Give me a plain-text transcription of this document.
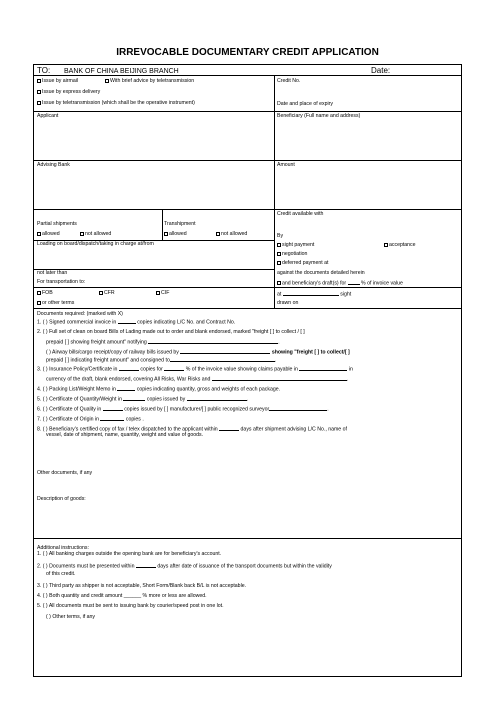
IRREVOCABLE DOCUMENTARY CREDIT APPLICATION
TO: BANK OF CHINA BEIJING BRANCH	Date:
Issue by airmail	With brief advice by teletransmission
Issue by express delivery
Issue by teletransmission (which shall be the operative instrument)
Credit No.
Date and place of expiry
Applicant	Beneficiary (Full name and address)
Advising Bank	Amount
Partial shipments
allowed	not allowed
Transhipment
allowed	not allowed
Credit available with
By
sight payment	acceptance
negotiation
deferred payment at
against the documents detailed herein
and beneficiary's draft(s) for	% of invoice value
at	sight
drawn on
Loading on board/dispatch/taking in charge at/from
not later than
For transportation to:
FOB	CFR	CIF
or other terms
Documents required: (marked with X)
1. ( ) Signed commercial invoice in	copies indicating L/C No. and Contract No.
2. ( ) Full set of clean on board Bills of Lading made out to order and blank endorsed, marked "freight [ ] to collect / [ ]
prepaid [ ] showing freight amount" notifying	.
( ) Airway bills/cargo receipt/copy of railway bills issued by	showing "freight [ ] to collect/[ ]
prepaid [ ] indicating freight amount" and consigned to	.
3. ( ) Insurance Policy/Certificate in	copies for	% of the invoice value showing claims payable in	in
currency of the draft, blank endorsed, covering All Risks, War Risks and	.
4. ( ) Packing List/Weight Memo in	copies indicating quantity, gross and weights of each package.
5. ( ) Certificate of Quantity/Weight in	copies issued by	.
6. ( ) Certificate of Quality in	copies issued by [ ] manufacturer/[ ] public recognized surveyor	.
7. ( ) Certificate of Origin in	copies .
8. ( ) Beneficiary's certified copy of fax / telex dispatched to the applicant within	days after shipment advising L/C No., name of
vessel, date of shipment, name, quantity, weight and value of goods.
Other documents, if any
Description of goods:
Additional instructions:
1. ( ) All banking charges outside the opening bank are for beneficiary's account.
2. ( ) Documents must be presented within	days after date of issuance of the transport documents but within the validity
of this credit.
3. ( ) Third party as shipper is not acceptable, Short Form/Blank back B/L is not acceptable.
4. ( ) Both quantity and credit amount ______ % more or less are allowed.
5. ( ) All documents must be sent to issuing bank by courier/speed post in one lot.
( ) Other terms, if any
